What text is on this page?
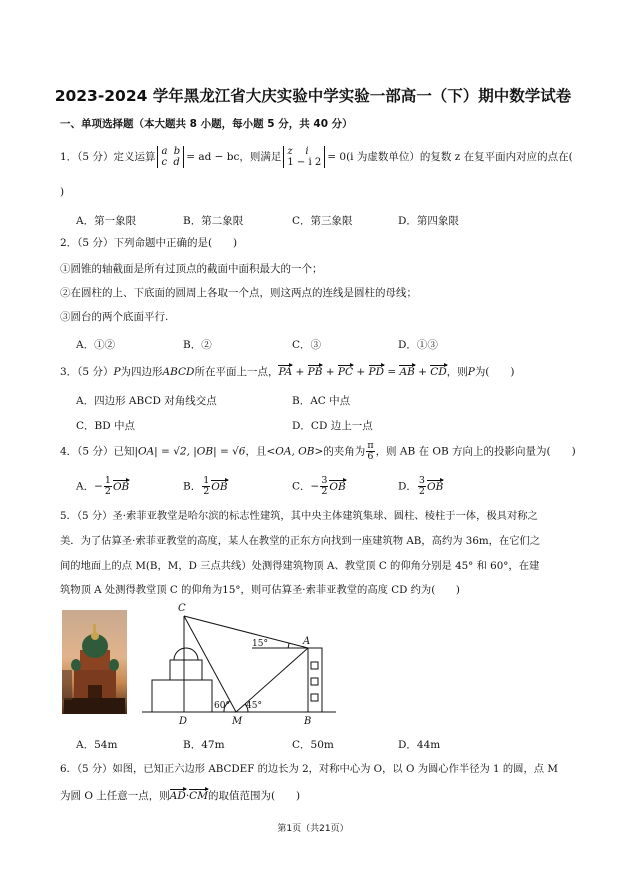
2023-2024 学年黑龙江省大庆实验中学实验一部高一（下）期中数学试卷
一、单项选择题（本大题共 8 小题，每小题 5 分，共 40 分）
1．（5 分）定义运算 a b
c d = ad − bc，则满足 z i
1 − i 2 = 0(i 为虚数单位）的复数 z 在复平面内对应的点在(
)
A．第一象限	B．第二象限	C．第三象限	D．第四象限
2．（5 分）下列命题中正确的是(　　)
①圆锥的轴截面是所有过顶点的截面中面积最大的一个；
②在圆柱的上、下底面的圆周上各取一个点，则这两点的连线是圆柱的母线；
③圆台的两个底面平行.
A．①②	B．②	C．③	D．①③
3．（5 分）P为四边形ABCD所在平面上一点，PA + PB + PC + PD = AB + CD，则P为(　　)
A．四边形 ABCD 对角线交点	B．AC 中点
C．BD 中点	D．CD 边上一点
4．（5 分）已知|OA| = √2, |OB| = √6，且<OA, OB>的夹角为 $\frac{\pi}{6}$ ，则 AB 在 OB 方向上的投影向量为(　　)
A．− $\frac{1}{2}$ OB	B． $\frac{1}{2}$ OB	C．− $\frac{3}{2}$ OB	D． $\frac{3}{2}$ OB
5．（5 分）圣·索菲亚教堂是哈尔滨的标志性建筑，其中央主体建筑集球、圆柱、棱柱于一体，极具对称之
美．为了估算圣·索菲亚教堂的高度，某人在教堂的正东方向找到一座建筑物 AB，高约为 36m，在它们之
间的地面上的点 M(B，M，D 三点共线）处测得建筑物顶 A、教堂顶 C 的仰角分别是 45° 和 60°，在建
筑物顶 A 处测得教堂顶 C 的仰角为15°，则可估算圣·索菲亚教堂的高度 CD 约为(　　)
C
A
D	M	B
15°
60° 45°
A．54m	B．47m	C．50m	D．44m
6．（5 分）如图，已知正六边形 ABCDEF 的边长为 2，对称中心为 O，以 O 为圆心作半径为 1 的圆，点 M
为圆 O 上任意一点，则AD·CM的取值范围为(　　)
第1页（共21页）
